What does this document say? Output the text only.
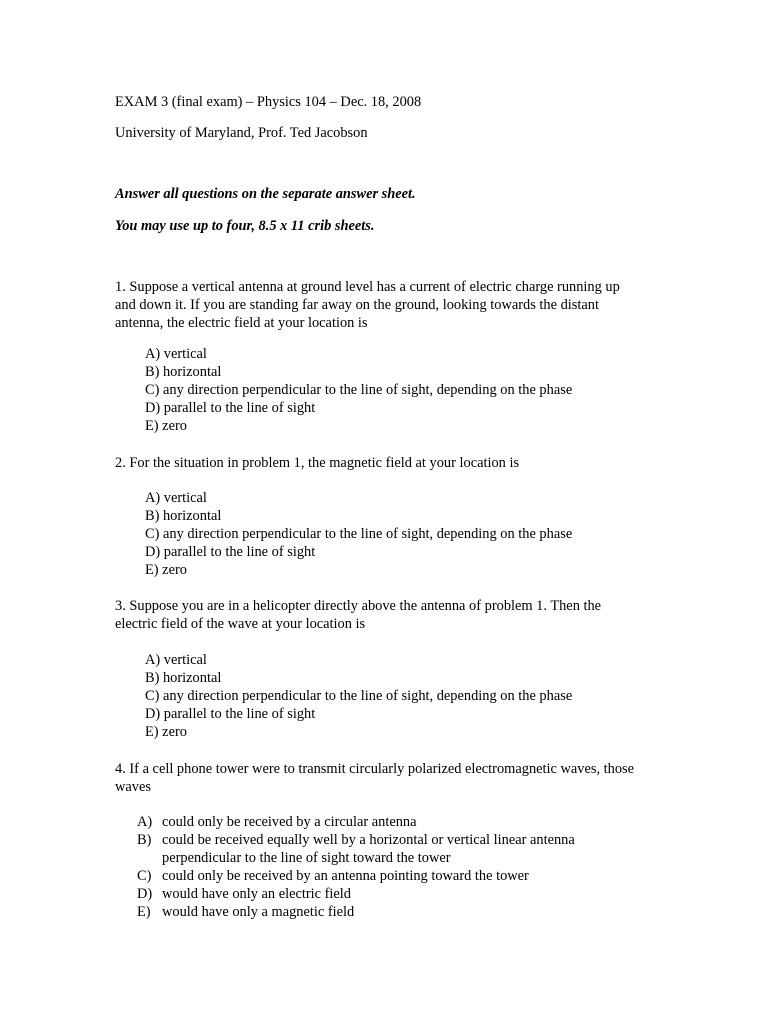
EXAM 3 (final exam) – Physics 104 – Dec. 18, 2008
University of Maryland, Prof. Ted Jacobson
Answer all questions on the separate answer sheet.
You may use up to four, 8.5 x 11 crib sheets.

1. Suppose a vertical antenna at ground level has a current of electric charge running up

and down it. If you are standing far away on the ground, looking towards the distant

antenna, the electric field at your location is

A) vertical

B) horizontal

C) any direction perpendicular to the line of sight, depending on the phase

D) parallel to the line of sight

E) zero

2. For the situation in problem 1, the magnetic field at your location is

A) vertical

B) horizontal

C) any direction perpendicular to the line of sight, depending on the phase

D) parallel to the line of sight

E) zero

3. Suppose you are in a helicopter directly above the antenna of problem 1. Then the

electric field of the wave at your location is

A) vertical

B) horizontal

C) any direction perpendicular to the line of sight, depending on the phase

D) parallel to the line of sight

E) zero

4. If a cell phone tower were to transmit circularly polarized electromagnetic waves, those

waves

A) could only be received by a circular antenna
B) could be received equally well by a horizontal or vertical linear antenna
perpendicular to the line of sight toward the tower
C) could only be received by an antenna pointing toward the tower
D) would have only an electric field
E) would have only a magnetic field
